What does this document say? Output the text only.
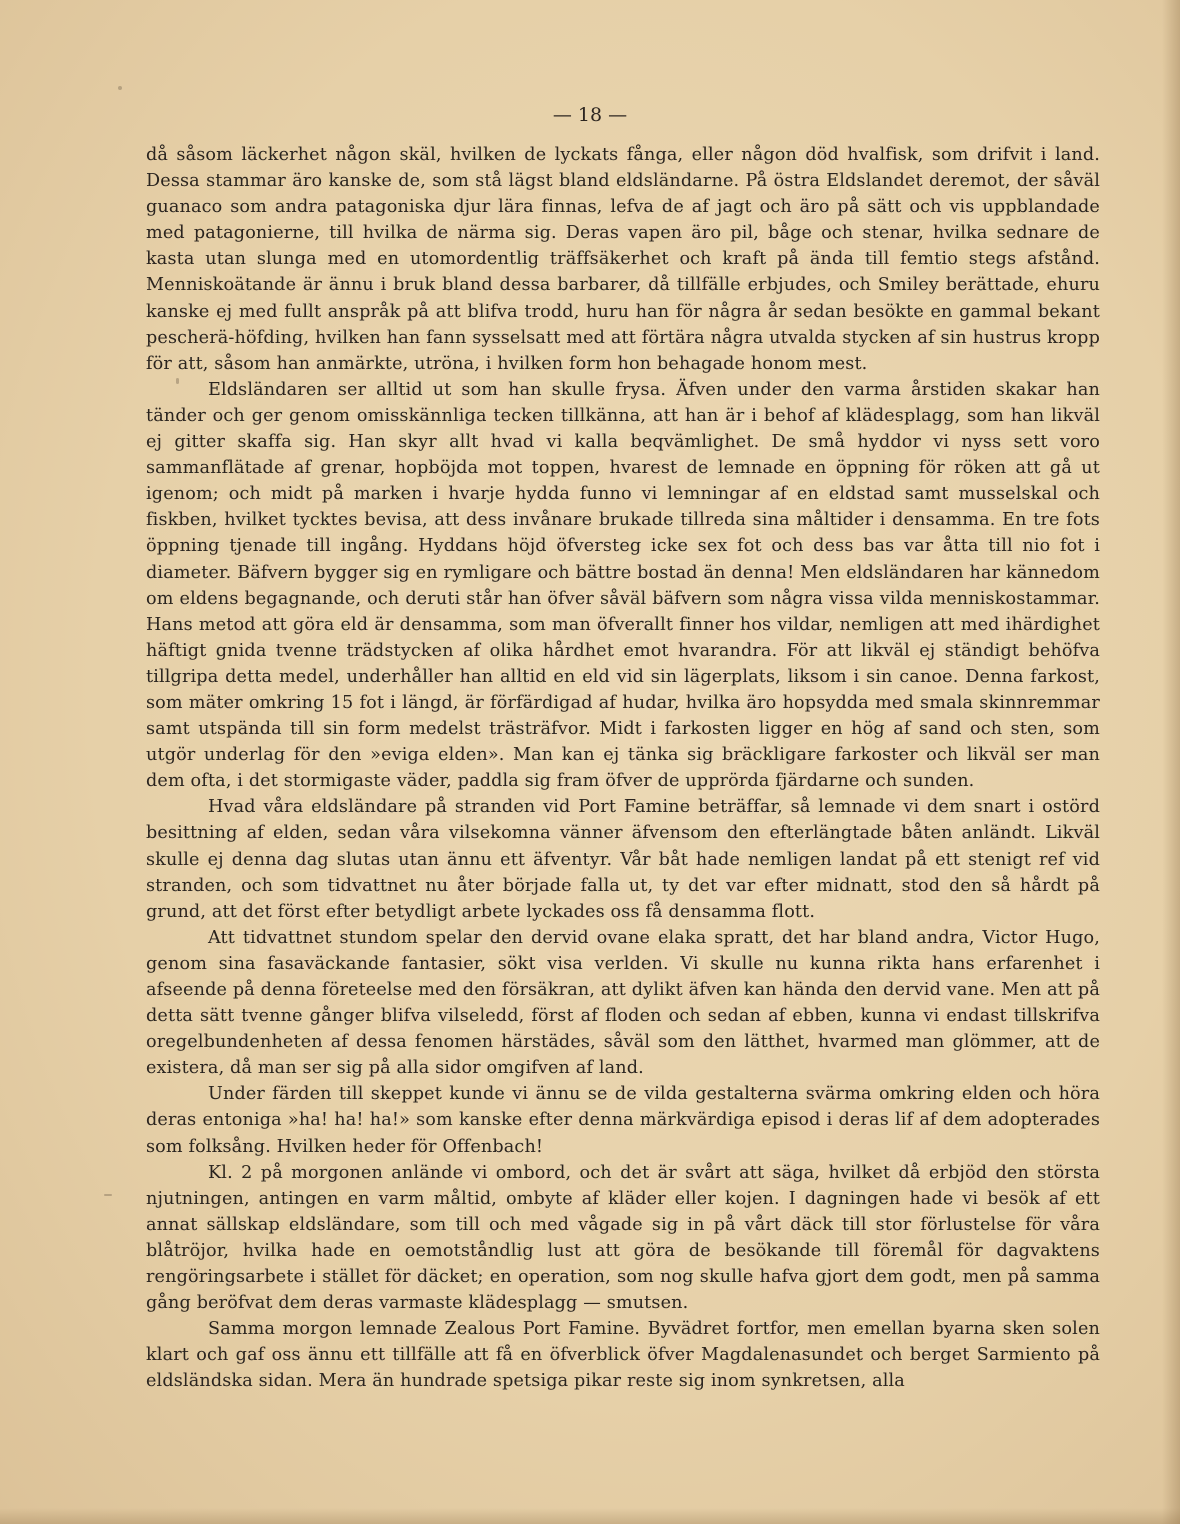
— 18 —

då såsom läckerhet någon skäl, hvilken de lyckats fånga, eller någon död hvalfisk, som drifvit i land. Dessa stammar äro kanske de, som stå lägst bland eldsländarne. På östra Eldslandet deremot, der såväl guanaco som andra patagoniska djur lära finnas, lefva de af jagt och äro på sätt och vis uppblandade med patagonierne, till hvilka de närma sig. Deras vapen äro pil, båge och stenar, hvilka sednare de kasta utan slunga med en utomordentlig träffsäkerhet och kraft på ända till femtio stegs afstånd. Menniskoätande är ännu i bruk bland dessa barbarer, då tillfälle erbjudes, och Smiley berättade, ehuru kanske ej med fullt anspråk på att blifva trodd, huru han för några år sedan besökte en gammal bekant pescherä-höfding, hvilken han fann sysselsatt med att förtära några utvalda stycken af sin hustrus kropp för att, såsom han anmärkte, utröna, i hvilken form hon behagade honom mest.

Eldsländaren ser alltid ut som han skulle frysa. Äfven under den varma årstiden skakar han tänder och ger genom omisskännliga tecken tillkänna, att han är i behof af klädesplagg, som han likväl ej gitter skaffa sig. Han skyr allt hvad vi kalla beqvämlighet. De små hyddor vi nyss sett voro sammanflätade af grenar, hopböjda mot toppen, hvarest de lemnade en öppning för röken att gå ut igenom; och midt på marken i hvarje hydda funno vi lemningar af en eldstad samt musselskal och fiskben, hvilket tycktes bevisa, att dess invånare brukade tillreda sina måltider i densamma. En tre fots öppning tjenade till ingång. Hyddans höjd öfversteg icke sex fot och dess bas var åtta till nio fot i diameter. Bäfvern bygger sig en rymligare och bättre bostad än denna! Men eldsländaren har kännedom om eldens begagnande, och deruti står han öfver såväl bäfvern som några vissa vilda menniskostammar. Hans metod att göra eld är densamma, som man öfverallt finner hos vildar, nemligen att med ihärdighet häftigt gnida tvenne trädstycken af olika hårdhet emot hvarandra. För att likväl ej ständigt behöfva tillgripa detta medel, underhåller han alltid en eld vid sin lägerplats, liksom i sin canoe. Denna farkost, som mäter omkring 15 fot i längd, är förfärdigad af hudar, hvilka äro hopsydda med smala skinnremmar samt utspända till sin form medelst trästräfvor. Midt i farkosten ligger en hög af sand och sten, som utgör underlag för den »eviga elden». Man kan ej tänka sig bräckligare farkoster och likväl ser man dem ofta, i det stormigaste väder, paddla sig fram öfver de upprörda fjärdarne och sunden.

Hvad våra eldsländare på stranden vid Port Famine beträffar, så lemnade vi dem snart i ostörd besittning af elden, sedan våra vilsekomna vänner äfvensom den efterlängtade båten anländt. Likväl skulle ej denna dag slutas utan ännu ett äfventyr. Vår båt hade nemligen landat på ett stenigt ref vid stranden, och som tidvattnet nu åter började falla ut, ty det var efter midnatt, stod den så hårdt på grund, att det först efter betydligt arbete lyckades oss få densamma flott.

Att tidvattnet stundom spelar den dervid ovane elaka spratt, det har bland andra, Victor Hugo, genom sina fasaväckande fantasier, sökt visa verlden. Vi skulle nu kunna rikta hans erfarenhet i afseende på denna företeelse med den försäkran, att dylikt äfven kan hända den dervid vane. Men att på detta sätt tvenne gånger blifva vilseledd, först af floden och sedan af ebben, kunna vi endast tillskrifva oregelbundenheten af dessa fenomen härstädes, såväl som den lätthet, hvarmed man glömmer, att de existera, då man ser sig på alla sidor omgifven af land.

Under färden till skeppet kunde vi ännu se de vilda gestalterna svärma omkring elden och höra deras entoniga »ha! ha! ha!» som kanske efter denna märkvärdiga episod i deras lif af dem adopterades som folksång. Hvilken heder för Offenbach!

Kl. 2 på morgonen anlände vi ombord, och det är svårt att säga, hvilket då erbjöd den största njutningen, antingen en varm måltid, ombyte af kläder eller kojen. I dagningen hade vi besök af ett annat sällskap eldsländare, som till och med vågade sig in på vårt däck till stor förlustelse för våra blåtröjor, hvilka hade en oemotståndlig lust att göra de besökande till föremål för dagvaktens rengöringsarbete i stället för däcket; en operation, som nog skulle hafva gjort dem godt, men på samma gång beröfvat dem deras varmaste klädesplagg — smutsen.

Samma morgon lemnade Zealous Port Famine. Byvädret fortfor, men emellan byarna sken solen klart och gaf oss ännu ett tillfälle att få en öfverblick öfver Magdalenasundet och berget Sarmiento på eldsländska sidan. Mera än hundrade spetsiga pikar reste sig inom synkretsen, alla
